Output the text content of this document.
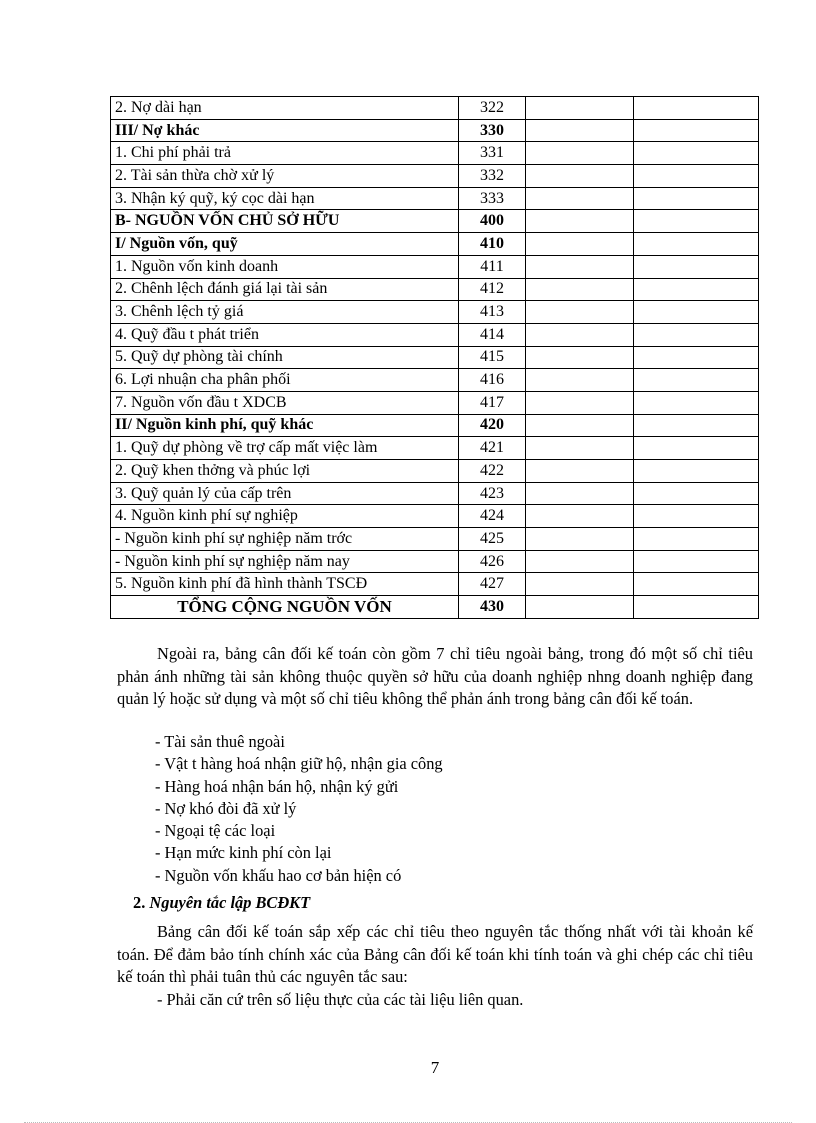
2. Nợ dài hạn	322		
III/ Nợ khác	330		
1. Chi phí phải trả	331		
2. Tài sản thừa chờ xử lý	332		
3. Nhận ký quỹ, ký cọc dài hạn	333		
B- NGUỒN VỐN CHỦ SỞ HỮU	400		
I/ Nguồn vốn, quỹ	410		
1. Nguồn vốn kinh doanh	411		
2. Chênh lệch đánh giá lại tài sản	412		
3. Chênh lệch tỷ giá	413		
4. Quỹ đầu t phát triển	414		
5. Quỹ dự phòng tài chính	415		
6. Lợi nhuận cha phân phối	416		
7. Nguồn vốn đầu t XDCB	417		
II/ Nguồn kinh phí, quỹ khác	420		
1. Quỹ dự phòng về trợ cấp mất việc làm	421		
2. Quỹ khen thởng và phúc lợi	422		
3. Quỹ quản lý của cấp trên	423		
4. Nguồn kinh phí sự nghiệp	424		
- Nguồn kinh phí sự nghiệp năm trớc	425		
- Nguồn kinh phí sự nghiệp năm nay	426		
5. Nguồn kinh phí đã hình thành TSCĐ	427		
TỔNG CỘNG NGUỒN VỐN	430		

Ngoài ra, bảng cân đối kế toán còn gồm 7 chỉ tiêu ngoài bảng, trong đó một số chỉ tiêu phản ánh những tài sản không thuộc quyền sở hữu của doanh nghiệp nhng doanh nghiệp đang quản lý hoặc sử dụng và một số chỉ tiêu không thể phản ánh trong bảng cân đối kế toán.

- Tài sản thuê ngoài
- Vật t hàng hoá nhận giữ hộ, nhận gia công
- Hàng hoá nhận bán hộ, nhận ký gửi
- Nợ khó đòi đã xử lý
- Ngoại tệ các loại
- Hạn mức kinh phí còn lại
- Nguồn vốn khấu hao cơ bản hiện có

2. Nguyên tắc lập BCĐKT

Bảng cân đối kế toán sắp xếp các chỉ tiêu theo nguyên tắc thống nhất với tài khoản kế toán. Để đảm bảo tính chính xác của Bảng cân đối kế toán khi tính toán và ghi chép các chỉ tiêu kế toán thì phải tuân thủ các nguyên tắc sau:

- Phải căn cứ trên số liệu thực của các tài liệu liên quan.

7
